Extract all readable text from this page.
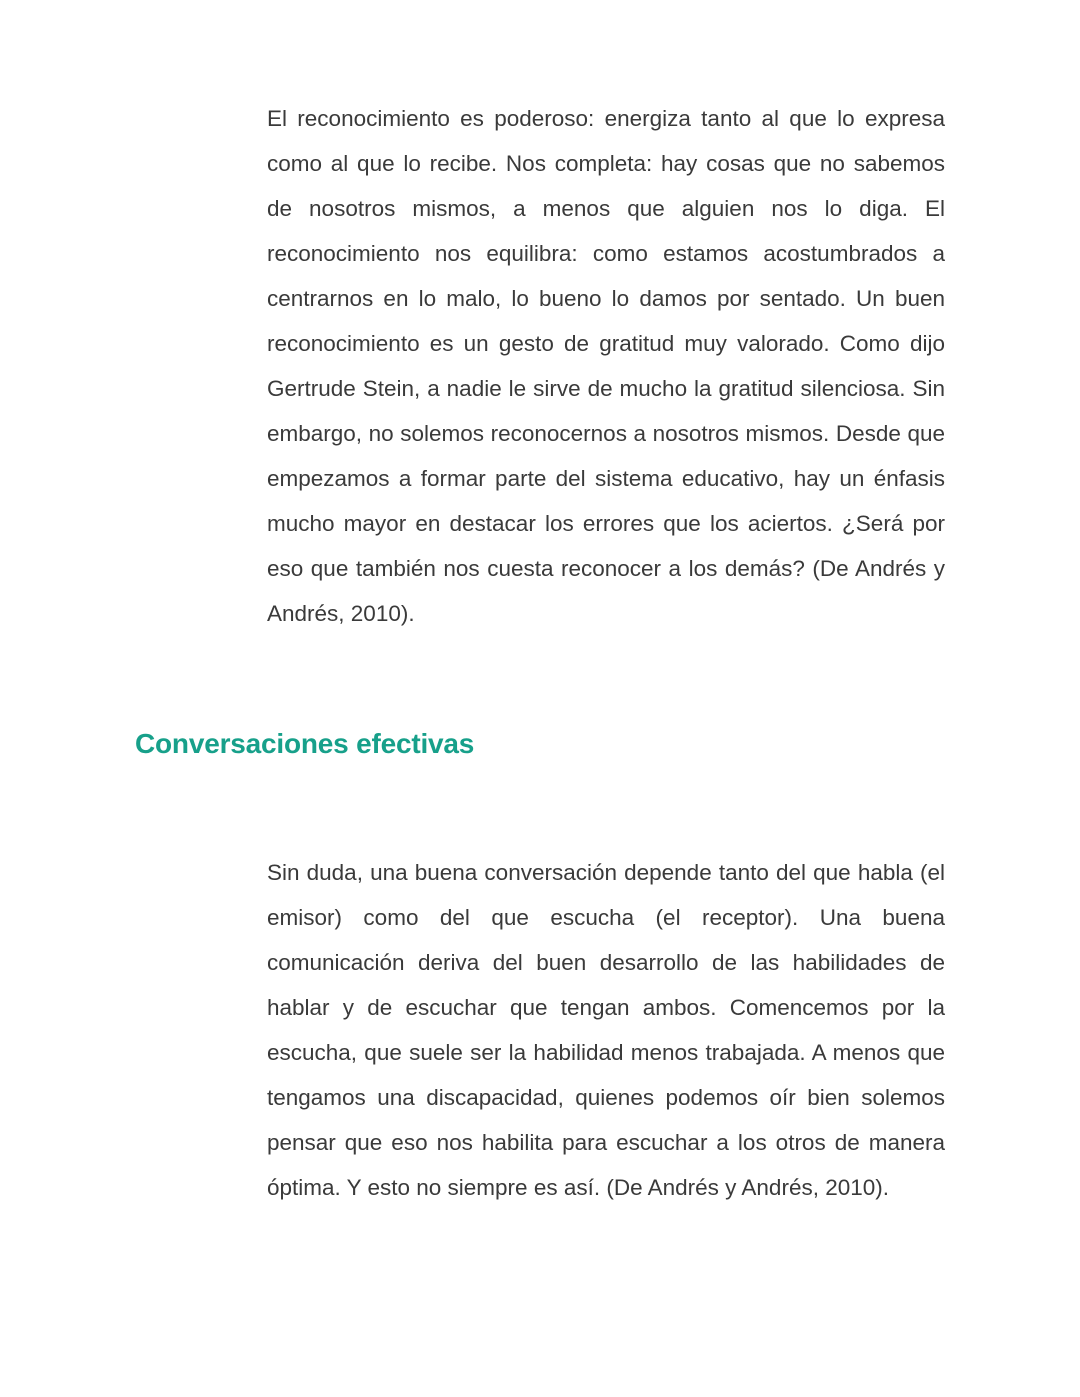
El reconocimiento es poderoso: energiza tanto al que lo expresa como al que lo recibe. Nos completa: hay cosas que no sabemos de nosotros mismos, a menos que alguien nos lo diga. El reconocimiento nos equilibra: como estamos acostumbrados a centrarnos en lo malo, lo bueno lo damos por sentado. Un buen reconocimiento es un gesto de gratitud muy valorado. Como dijo Gertrude Stein, a nadie le sirve de mucho la gratitud silenciosa. Sin embargo, no solemos reconocernos a nosotros mismos. Desde que empezamos a formar parte del sistema educativo, hay un énfasis mucho mayor en destacar los errores que los aciertos. ¿Será por eso que también nos cuesta reconocer a los demás? (De Andrés y Andrés, 2010).

Conversaciones efectivas

Sin duda, una buena conversación depende tanto del que habla (el emisor) como del que escucha (el receptor). Una buena comunicación deriva del buen desarrollo de las habilidades de hablar y de escuchar que tengan ambos. Comencemos por la escucha, que suele ser la habilidad menos trabajada. A menos que tengamos una discapacidad, quienes podemos oír bien solemos pensar que eso nos habilita para escuchar a los otros de manera óptima. Y esto no siempre es así. (De Andrés y Andrés, 2010).
